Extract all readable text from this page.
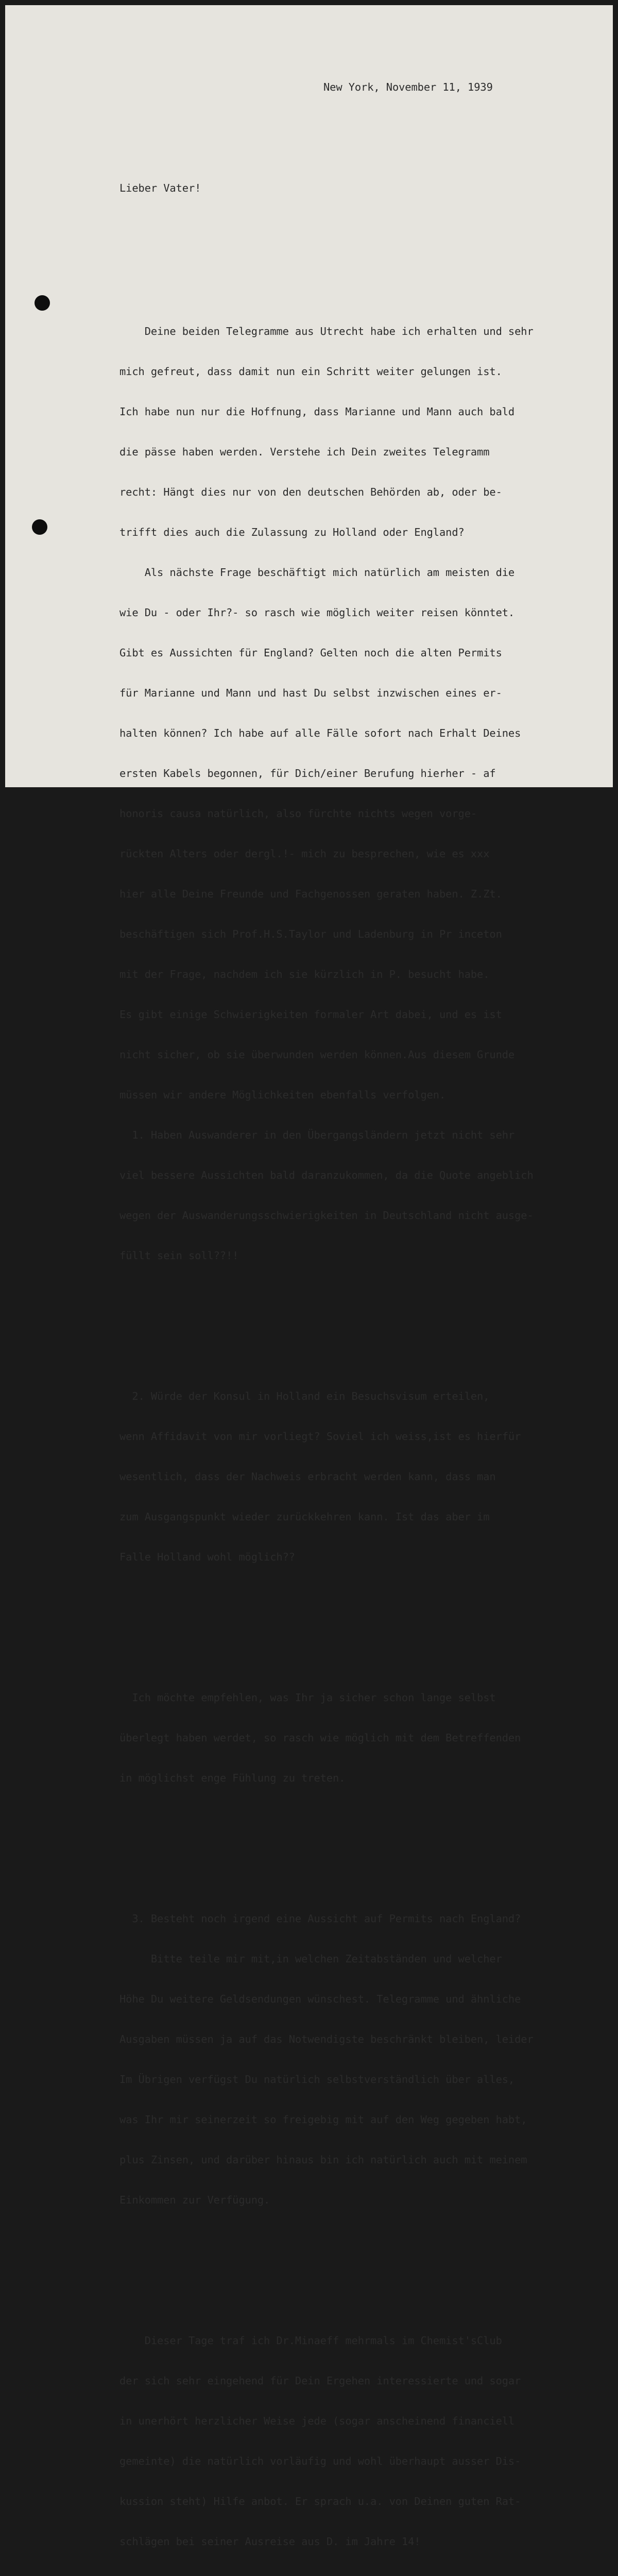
New York, November 11, 1939

Lieber Vater!

Deine beiden Telegramme aus Utrecht habe ich erhalten und sehr

mich gefreut, dass damit nun ein Schritt weiter gelungen ist.

Ich habe nun nur die Hoffnung, dass Marianne und Mann auch bald

die pässe haben werden. Verstehe ich Dein zweites Telegramm

recht: Hängt dies nur von den deutschen Behörden ab, oder be-

trifft dies auch die Zulassung zu Holland oder England?

Als nächste Frage beschäftigt mich natürlich am meisten die

wie Du - oder Ihr?- so rasch wie möglich weiter reisen könntet.

Gibt es Aussichten für England? Gelten noch die alten Permits

für Marianne und Mann und hast Du selbst inzwischen eines er-

halten können? Ich habe auf alle Fälle sofort nach Erhalt Deines

ersten Kabels begonnen, für Dich/einer Berufung hierher - af

honoris causa natürlich, also fürchte nichts wegen vorge-

rückten Alters oder dergl.!- mich zu besprechen, wie es xxx

hier alle Deine Freunde und Fachgenossen geraten haben. Z.Zt.

beschäftigen sich Prof.H.S.Taylor und Ladenburg in Pr inceton

mit der Frage, nachdem ich sie kürzlich in P. besucht habe.

Es gibt einige Schwierigkeiten formaler Art dabei, und es ist

nicht sicher, ob sie überwunden werden können.Aus diesem Grunde

müssen wir andere Möglichkeiten ebenfalls verfolgen.

1. Haben Auswanderer in den Übergangsländern jetzt nicht sehr

viel bessere Aussichten bald daranzukommen, da die Quote angeblich

wegen der Auswanderungsschwierigkeiten in Deutschland nicht ausge-

füllt sein soll??!!

2. Würde der Konsul in Holland ein Besuchsvisum erteilen,

wenn Affidavit von mir vorliegt? Soviel ich weiss,ist es hierfür

wesentlich, dass der Nachweis erbracht werden kann, dass man

zum Ausgangspunkt wieder zurückkehren kann. Ist das aber im

Falle Holland wohl möglich??

Ich möchte empfehlen, was Ihr ja sicher schon lange selbst

überlegt haben werdet, so rasch wie möglich mit dem Betreffenden

in möglichst enge Fühlung zu treten.

3. Besteht noch irgend eine Aussicht auf Permits nach England?

Bitte teile mir mit,in welchen Zeitabständen und welcher

Höhe Du weitere Geldsendungen wünschest. Telegramme und ähnliche

Ausgaben müssen ja auf das Notwendigste beschränkt bleiben, leider

Im Übrigen verfügst Du natürlich selbstverständlich über alles,

was Ihr mir seinerzeit so freigebig mit auf den Weg gegeben habt,

plus Zinsen, und darüber hinaus bin ich natürlich auch mit meinem

Einkommen zur Verfügung.

Dieser Tage traf ich Dr.Minaeff mehrmals im Chemist'sClub

der sich sehr eingehend für Dein Ergehen interessierte und sogar

in unerhört herzlicher Weise jede (sogar anscheinend financiell

gemeinte) die natürlich vorläufig und wohl überhaupt ausser Dis-

kussion steht) Hilfe anbot. Er sprach u.a. von Deinen guten Rat-

schlägen bei seiner Ausreise aus D. im Jahre 14!
